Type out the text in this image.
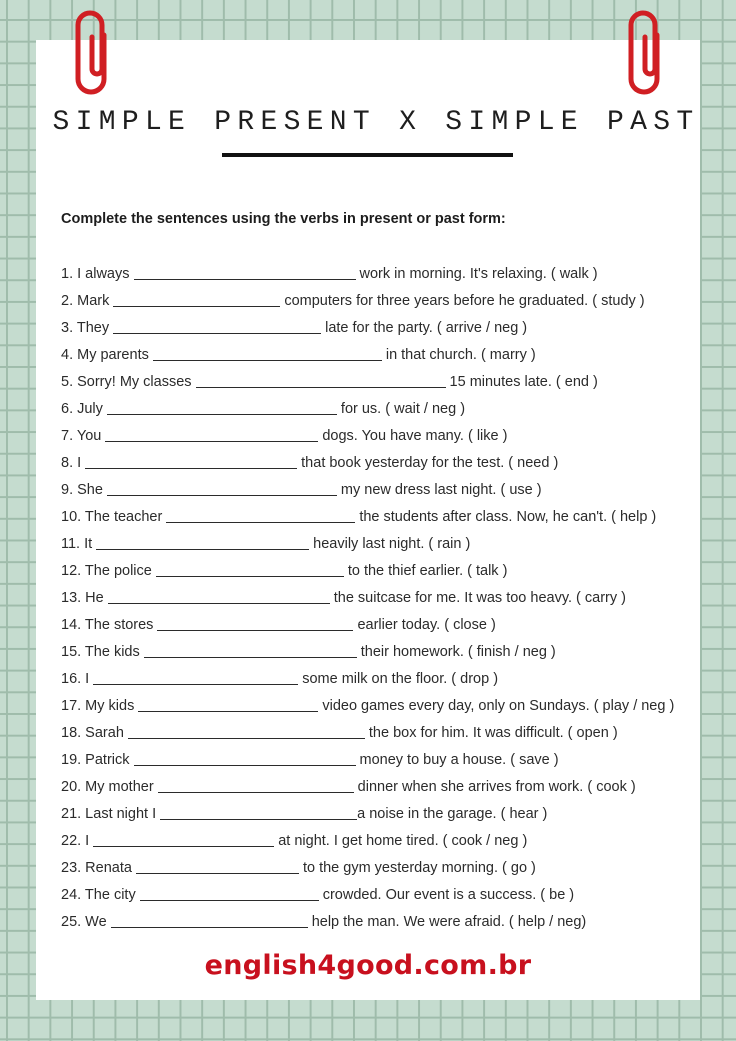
SIMPLE PRESENT X SIMPLE PAST
Complete the sentences using the verbs in present or past form:
1. I always	work in morning. It's relaxing. ( walk )
2. Mark	computers for three years before he graduated. ( study )
3. They	late for the party. ( arrive / neg )
4. My parents	in that church. ( marry )
5. Sorry! My classes	15 minutes late. ( end )
6. July	for us. ( wait / neg )
7. You	dogs. You have many. ( like )
8. I	that book yesterday for the test. ( need )
9. She	my new dress last night. ( use )
10. The teacher	the students after class. Now, he can't. ( help )
11. It	heavily last night. ( rain )
12. The police	to the thief earlier. ( talk )
13. He	the suitcase for me. It was too heavy. ( carry )
14. The stores	earlier today. ( close )
15. The kids	their homework. ( finish / neg )
16. I	some milk on the floor. ( drop )
17. My kids	video games every day, only on Sundays. ( play / neg )
18. Sarah	the box for him. It was difficult. ( open )
19. Patrick	money to buy a house. ( save )
20. My mother	dinner when she arrives from work. ( cook )
21. Last night I	a noise in the garage. ( hear )
22. I	at night. I get home tired. ( cook / neg )
23. Renata	to the gym yesterday morning. ( go )
24. The city	crowded. Our event is a success. ( be )
25. We	help the man. We were afraid. ( help / neg)
english4good.com.br
